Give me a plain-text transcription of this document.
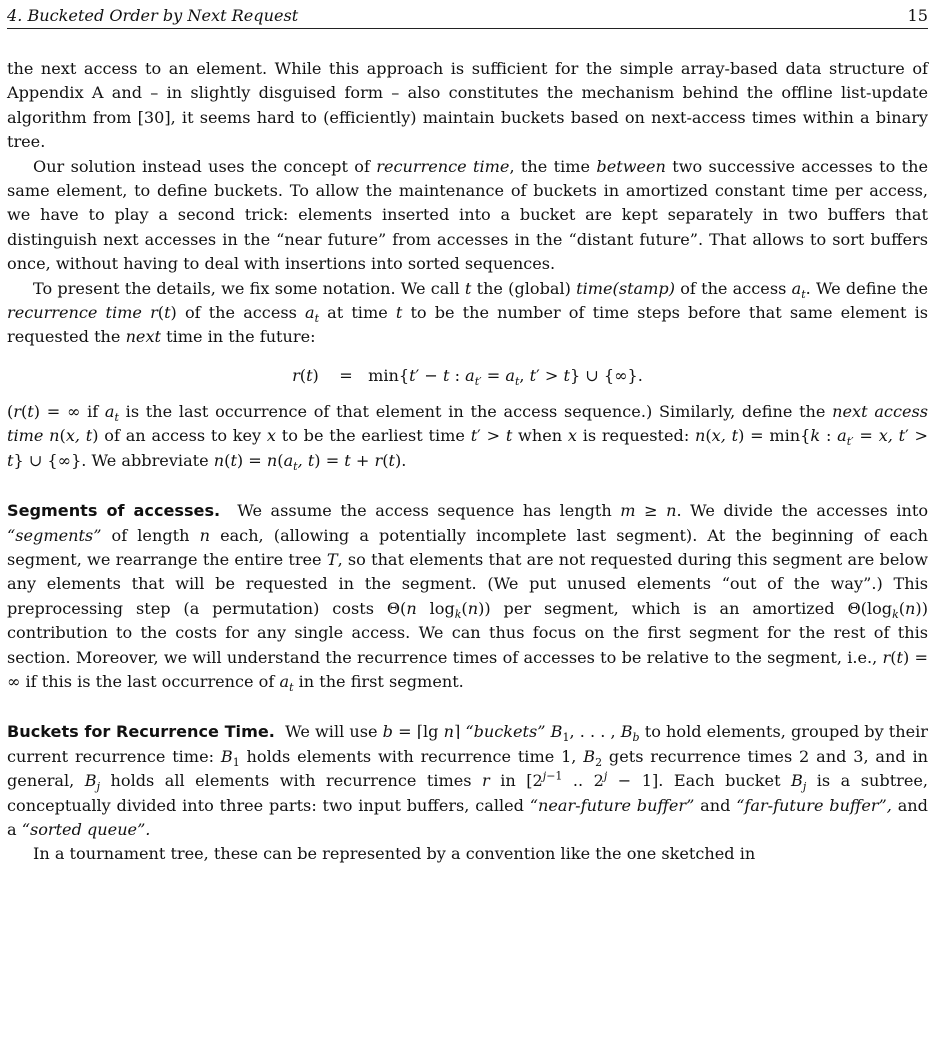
4. Bucketed Order by Next Request	15

the next access to an element. While this approach is sufficient for the simple array-based data structure of Appendix A and – in slightly disguised form – also constitutes the mechanism behind the offline list-update algorithm from [30], it seems hard to (efficiently) maintain buckets based on next-access times within a binary tree.

Our solution instead uses the concept of recurrence time, the time between two successive accesses to the same element, to define buckets. To allow the maintenance of buckets in amortized constant time per access, we have to play a second trick: elements inserted into a bucket are kept separately in two buffers that distinguish next accesses in the “near future” from accesses in the “distant future”. That allows to sort buffers once, without having to deal with insertions into sorted sequences.

To present the details, we fix some notation. We call t the (global) time(stamp) of the access $a_t$. We define the recurrence time r(t) of the access $a_t$ at time t to be the number of time steps before that same element is requested the next time in the future:

r(t)    =   min{t′ − t : $a_{t'} = a_t$, t′ > t} ∪ {∞}.

(r(t) = ∞ if $a_t$ is the last occurrence of that element in the access sequence.) Similarly, define the next access time n(x, t) of an access to key x to be the earliest time t′ > t when x is requested: n(x, t) = min{k : $a_{t'} = x$, t′ > t} ∪ {∞}. We abbreviate $n(t) = n(a_t$, t) = t + r(t).

Segments of accesses.  We assume the access sequence has length m ≥ n. We divide the accesses into “segments” of length n each, (allowing a potentially incomplete last segment). At the beginning of each segment, we rearrange the entire tree T, so that elements that are not requested during this segment are below any elements that will be requested in the segment. (We put unused elements “out of the way”.) This preprocessing step (a permutation) costs Θ(n $\log_k(n)$) per segment, which is an amortized $\Theta(\log_k(n))$ contribution to the costs for any single access. We can thus focus on the first segment for the rest of this section. Moreover, we will understand the recurrence times of accesses to be relative to the segment, i.e., r(t) = ∞ if this is the last occurrence of $a_t$ in the first segment.

Buckets for Recurrence Time.  We will use b = ⌈lg n⌉ “buckets” $B_1$, . . . , $B_b$ to hold elements, grouped by their current recurrence time: $B_1$ holds elements with recurrence time 1, $B_2$ gets recurrence times 2 and 3, and in general, $B_j$ holds all elements with recurrence times r in [$2^{j-1}$ .. $2^j - 1$]. Each bucket $B_j$ is a subtree, conceptually divided into three parts: two input buffers, called “near-future buffer” and “far-future buffer”, and a “sorted queue”.

In a tournament tree, these can be represented by a convention like the one sketched in
